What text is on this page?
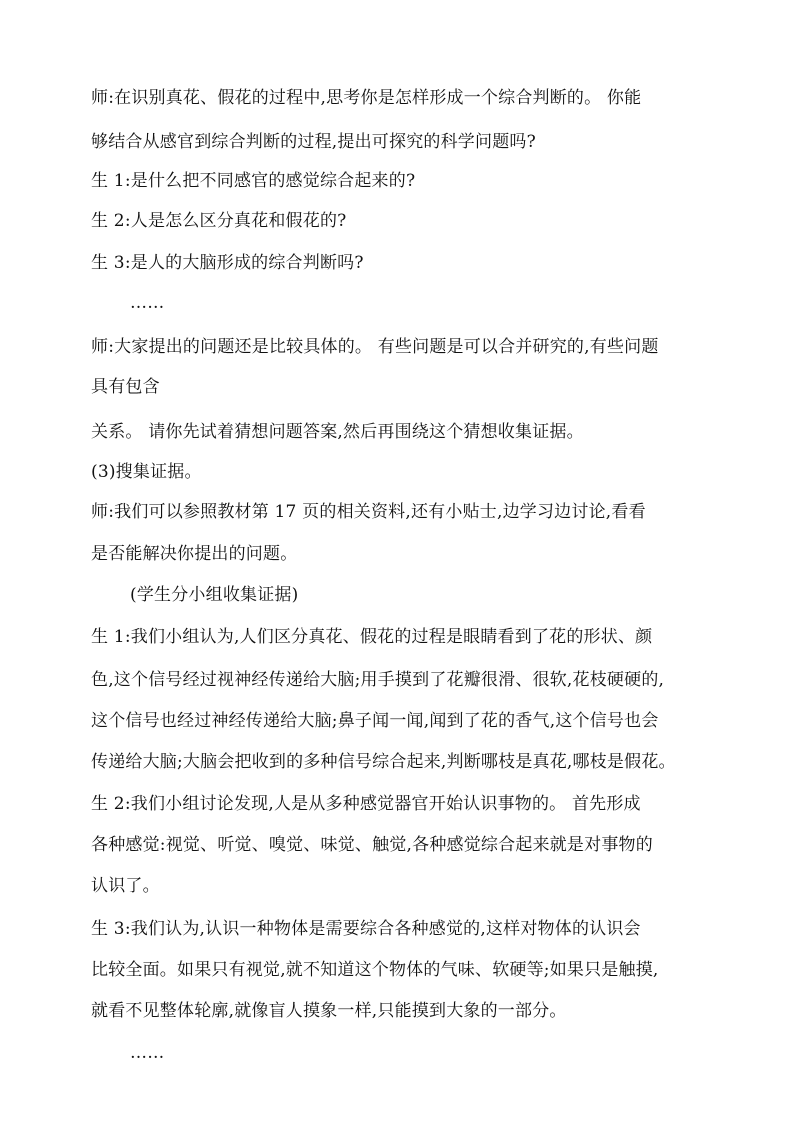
师:在识别真花、假花的过程中,思考你是怎样形成一个综合判断的。 你能
够结合从感官到综合判断的过程,提出可探究的科学问题吗?
生 1:是什么把不同感官的感觉综合起来的?
生 2:人是怎么区分真花和假花的?
生 3:是人的大脑形成的综合判断吗?
……
师:大家提出的问题还是比较具体的。 有些问题是可以合并研究的,有些问题
具有包含
关系。 请你先试着猜想问题答案,然后再围绕这个猜想收集证据。
(3)搜集证据。
师:我们可以参照教材第 17 页的相关资料,还有小贴士,边学习边讨论,看看
是否能解决你提出的问题。
(学生分小组收集证据)
生 1:我们小组认为,人们区分真花、假花的过程是眼睛看到了花的形状、颜
色,这个信号经过视神经传递给大脑;用手摸到了花瓣很滑、很软,花枝硬硬的,
这个信号也经过神经传递给大脑;鼻子闻一闻,闻到了花的香气,这个信号也会
传递给大脑;大脑会把收到的多种信号综合起来,判断哪枝是真花,哪枝是假花。
生 2:我们小组讨论发现,人是从多种感觉器官开始认识事物的。 首先形成
各种感觉:视觉、听觉、嗅觉、味觉、触觉,各种感觉综合起来就是对事物的
认识了。
生 3:我们认为,认识一种物体是需要综合各种感觉的,这样对物体的认识会
比较全面。如果只有视觉,就不知道这个物体的气味、软硬等;如果只是触摸,
就看不见整体轮廓,就像盲人摸象一样,只能摸到大象的一部分。
……
